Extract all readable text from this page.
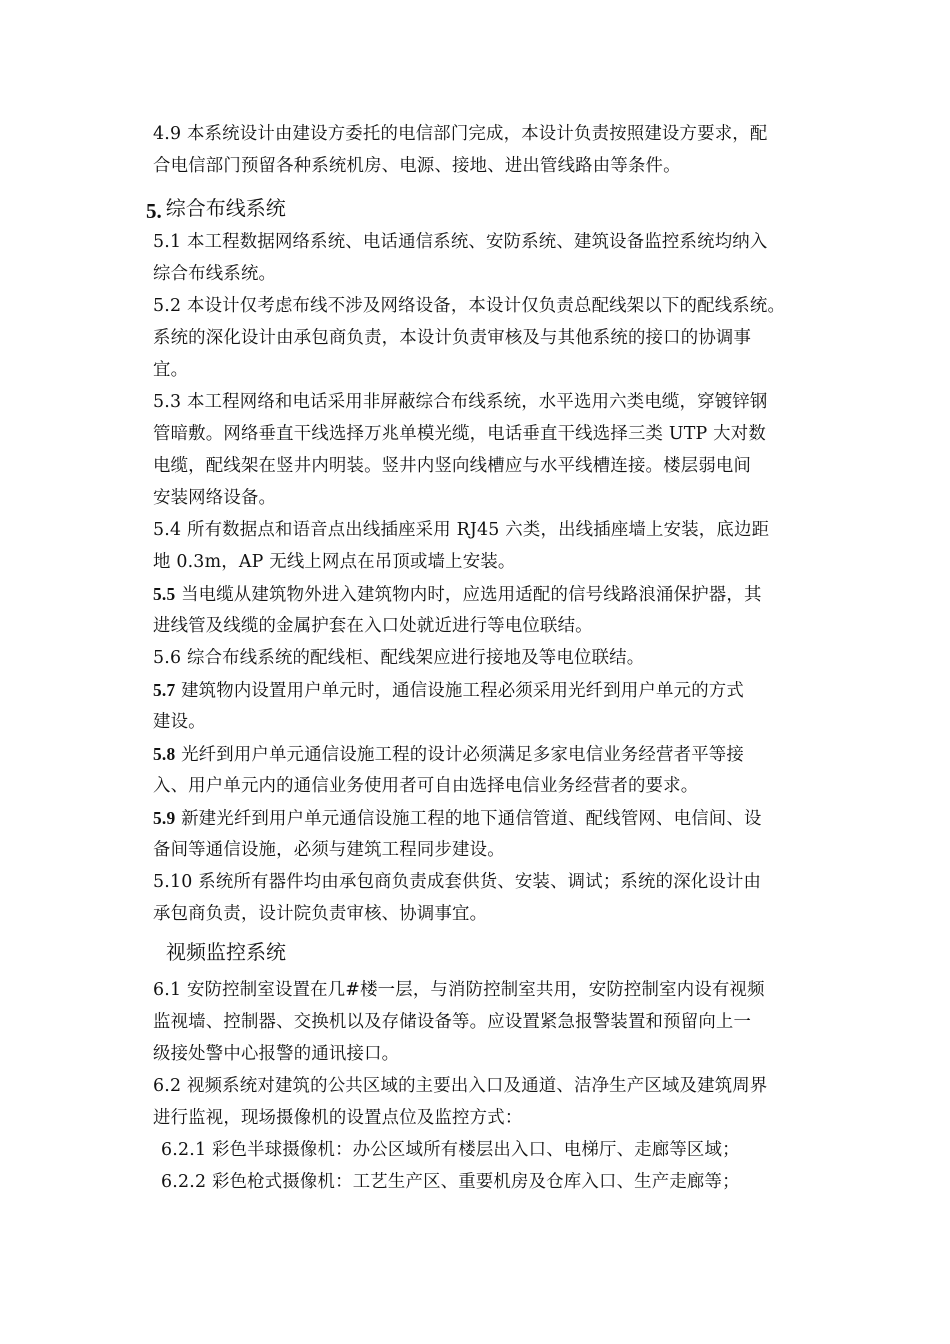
4.9 本系统设计由建设方委托的电信部门完成，本设计负责按照建设方要求，配
合电信部门预留各种系统机房、电源、接地、进出管线路由等条件。
5. 综合布线系统
5.1 本工程数据网络系统、电话通信系统、安防系统、建筑设备监控系统均纳入
综合布线系统。
5.2 本设计仅考虑布线不涉及网络设备，本设计仅负责总配线架以下的配线系统。
系统的深化设计由承包商负责，本设计负责审核及与其他系统的接口的协调事
宜。
5.3 本工程网络和电话采用非屏蔽综合布线系统，水平选用六类电缆，穿镀锌钢
管暗敷。网络垂直干线选择万兆单模光缆，电话垂直干线选择三类 UTP 大对数
电缆，配线架在竖井内明装。竖井内竖向线槽应与水平线槽连接。楼层弱电间
安装网络设备。
5.4 所有数据点和语音点出线插座采用 RJ45 六类，出线插座墙上安装，底边距
地 0.3m，AP 无线上网点在吊顶或墙上安装。
5.5 当电缆从建筑物外进入建筑物内时，应选用适配的信号线路浪涌保护器，其
进线管及线缆的金属护套在入口处就近进行等电位联结。
5.6 综合布线系统的配线柜、配线架应进行接地及等电位联结。
5.7 建筑物内设置用户单元时，通信设施工程必须采用光纤到用户单元的方式
建设。
5.8 光纤到用户单元通信设施工程的设计必须满足多家电信业务经营者平等接
入、用户单元内的通信业务使用者可自由选择电信业务经营者的要求。
5.9 新建光纤到用户单元通信设施工程的地下通信管道、配线管网、电信间、设
备间等通信设施，必须与建筑工程同步建设。
5.10 系统所有器件均由承包商负责成套供货、安装、调试；系统的深化设计由
承包商负责，设计院负责审核、协调事宜。
视频监控系统
6.1 安防控制室设置在几#楼一层，与消防控制室共用，安防控制室内设有视频
监视墙、控制器、交换机以及存储设备等。应设置紧急报警装置和预留向上一
级接处警中心报警的通讯接口。
6.2 视频系统对建筑的公共区域的主要出入口及通道、洁净生产区域及建筑周界
进行监视，现场摄像机的设置点位及监控方式：
6.2.1 彩色半球摄像机：办公区域所有楼层出入口、电梯厅、走廊等区域；
6.2.2 彩色枪式摄像机：工艺生产区、重要机房及仓库入口、生产走廊等；
